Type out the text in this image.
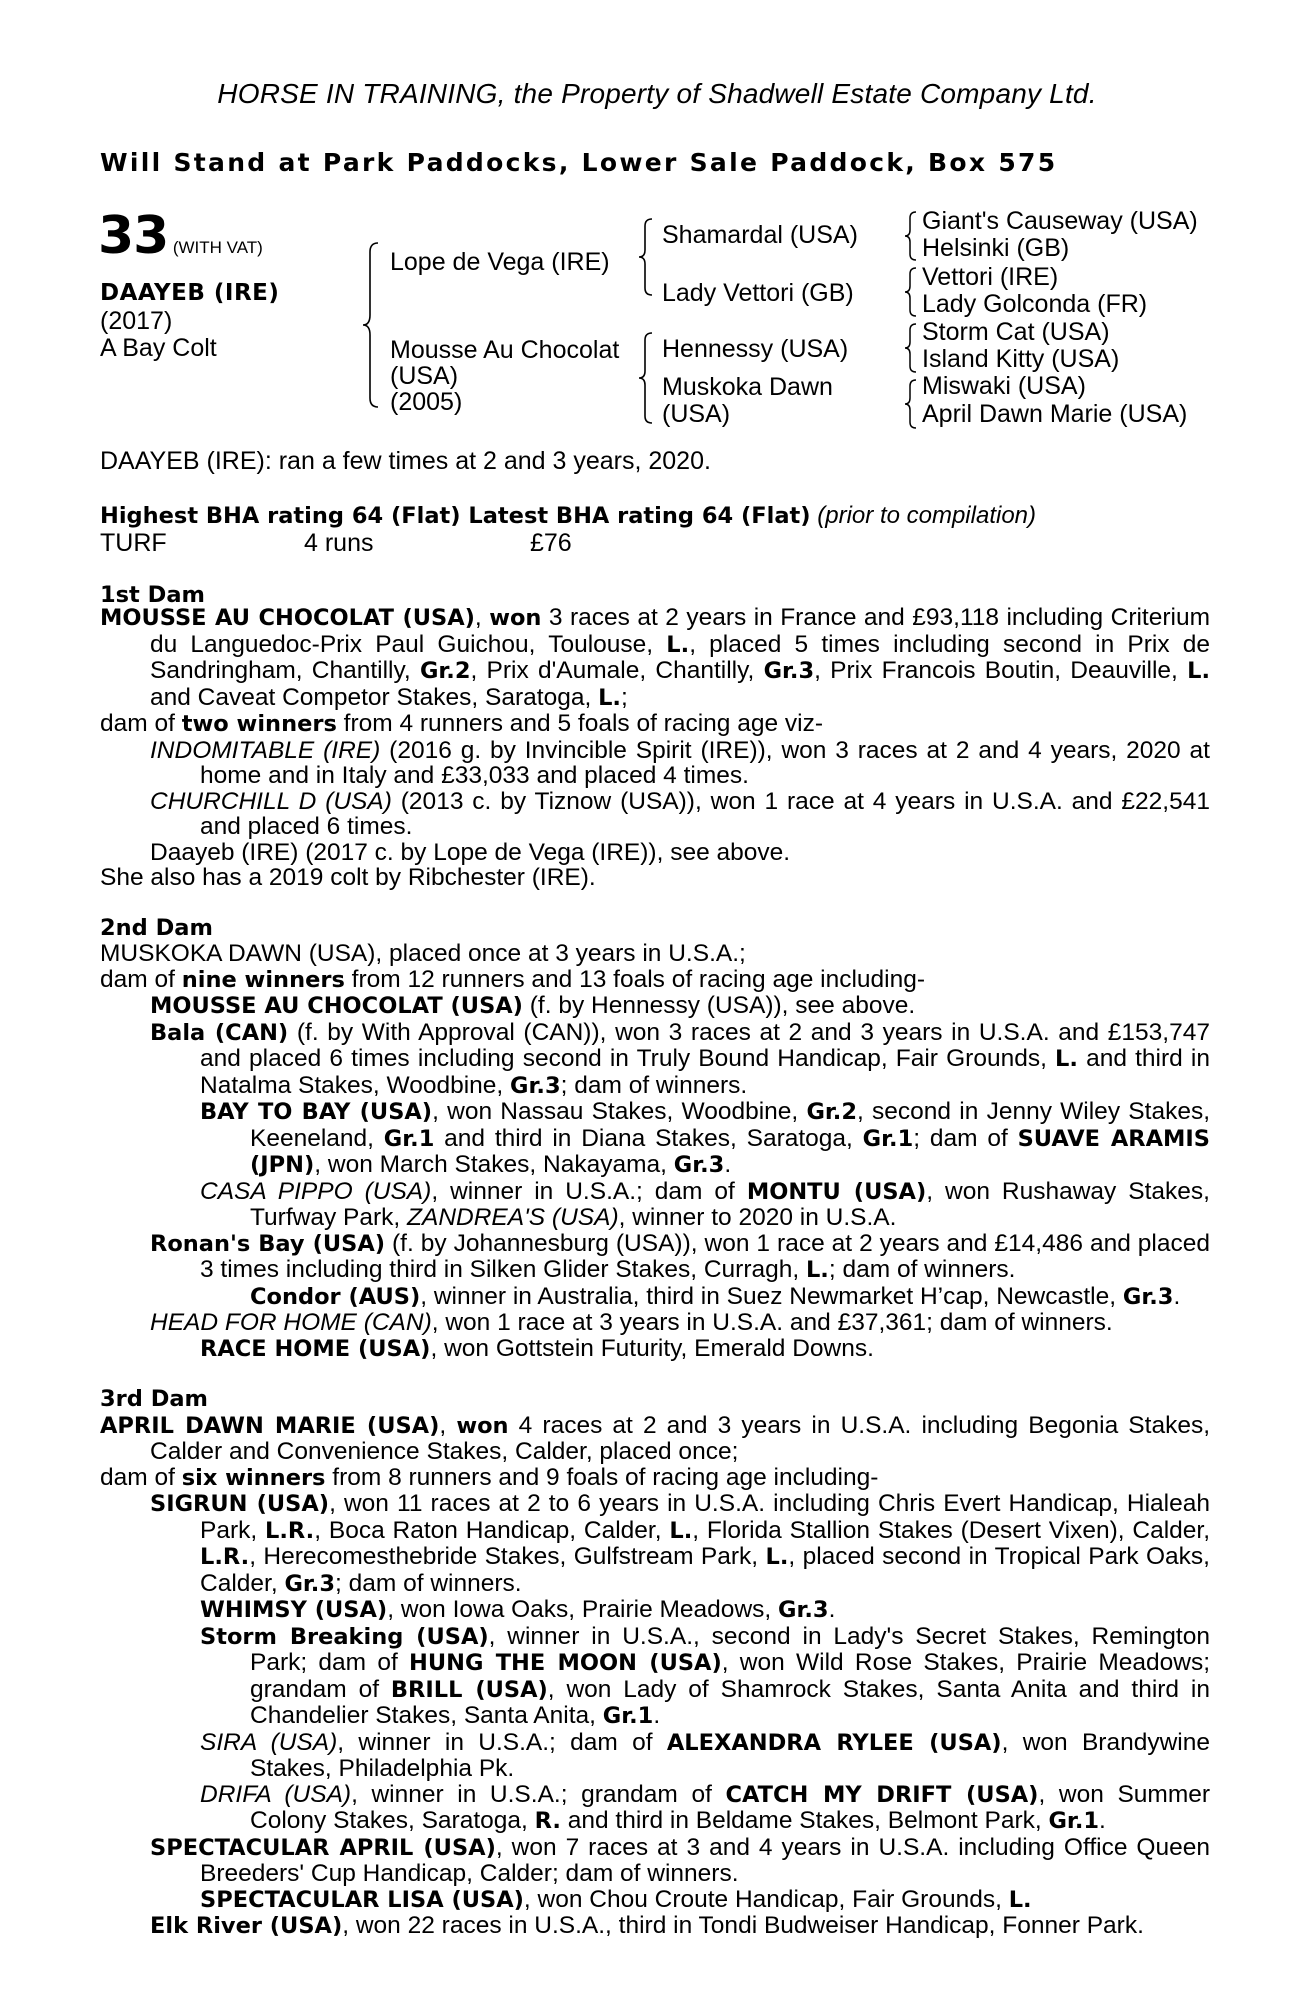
HORSE IN TRAINING, the Property of Shadwell Estate Company Ltd.
Will Stand at Park Paddocks, Lower Sale Paddock, Box 575
33 (WITH VAT)
DAAYEB (IRE)
(2017)
A Bay Colt
Lope de Vega (IRE)
Mousse Au Chocolat
(USA)
(2005)
Shamardal (USA)
Lady Vettori (GB)
Hennessy (USA)
Muskoka Dawn
(USA)
Giant's Causeway (USA)
Helsinki (GB)
Vettori (IRE)
Lady Golconda (FR)
Storm Cat (USA)
Island Kitty (USA)
Miswaki (USA)
April Dawn Marie (USA)
DAAYEB (IRE): ran a few times at 2 and 3 years, 2020.
Highest BHA rating 64 (Flat) Latest BHA rating 64 (Flat) (prior to compilation)
TURF	4 runs	£76
1st Dam

MOUSSE AU CHOCOLAT (USA), won 3 races at 2 years in France and £93,118 including Criterium du Languedoc-Prix Paul Guichou, Toulouse, L., placed 5 times including second in Prix de Sandringham, Chantilly, Gr.2, Prix d'Aumale, Chantilly, Gr.3, Prix Francois Boutin, Deauville, L. and Caveat Competor Stakes, Saratoga, L.;

dam of two winners from 4 runners and 5 foals of racing age viz-

INDOMITABLE (IRE) (2016 g. by Invincible Spirit (IRE)), won 3 races at 2 and 4 years, 2020 at home and in Italy and £33,033 and placed 4 times.

CHURCHILL D (USA) (2013 c. by Tiznow (USA)), won 1 race at 4 years in U.S.A. and £22,541 and placed 6 times.

Daayeb (IRE) (2017 c. by Lope de Vega (IRE)), see above.

She also has a 2019 colt by Ribchester (IRE).

2nd Dam

MUSKOKA DAWN (USA), placed once at 3 years in U.S.A.;

dam of nine winners from 12 runners and 13 foals of racing age including-

MOUSSE AU CHOCOLAT (USA) (f. by Hennessy (USA)), see above.

Bala (CAN) (f. by With Approval (CAN)), won 3 races at 2 and 3 years in U.S.A. and £153,747 and placed 6 times including second in Truly Bound Handicap, Fair Grounds, L. and third in Natalma Stakes, Woodbine, Gr.3; dam of winners.

BAY TO BAY (USA), won Nassau Stakes, Woodbine, Gr.2, second in Jenny Wiley Stakes, Keeneland, Gr.1 and third in Diana Stakes, Saratoga, Gr.1; dam of SUAVE ARAMIS (JPN), won March Stakes, Nakayama, Gr.3.

CASA PIPPO (USA), winner in U.S.A.; dam of MONTU (USA), won Rushaway Stakes, Turfway Park, ZANDREA'S (USA), winner to 2020 in U.S.A.

Ronan's Bay (USA) (f. by Johannesburg (USA)), won 1 race at 2 years and £14,486 and placed 3 times including third in Silken Glider Stakes, Curragh, L.; dam of winners.

Condor (AUS), winner in Australia, third in Suez Newmarket H’cap, Newcastle, Gr.3.

HEAD FOR HOME (CAN), won 1 race at 3 years in U.S.A. and £37,361; dam of winners.

RACE HOME (USA), won Gottstein Futurity, Emerald Downs.

3rd Dam

APRIL DAWN MARIE (USA), won 4 races at 2 and 3 years in U.S.A. including Begonia Stakes, Calder and Convenience Stakes, Calder, placed once;

dam of six winners from 8 runners and 9 foals of racing age including-

SIGRUN (USA), won 11 races at 2 to 6 years in U.S.A. including Chris Evert Handicap, Hialeah Park, L.R., Boca Raton Handicap, Calder, L., Florida Stallion Stakes (Desert Vixen), Calder, L.R., Herecomesthebride Stakes, Gulfstream Park, L., placed second in Tropical Park Oaks, Calder, Gr.3; dam of winners.

WHIMSY (USA), won Iowa Oaks, Prairie Meadows, Gr.3.

Storm Breaking (USA), winner in U.S.A., second in Lady's Secret Stakes, Remington Park; dam of HUNG THE MOON (USA), won Wild Rose Stakes, Prairie Meadows; grandam of BRILL (USA), won Lady of Shamrock Stakes, Santa Anita and third in Chandelier Stakes, Santa Anita, Gr.1.

SIRA (USA), winner in U.S.A.; dam of ALEXANDRA RYLEE (USA), won Brandywine Stakes, Philadelphia Pk.

DRIFA (USA), winner in U.S.A.; grandam of CATCH MY DRIFT (USA), won Summer Colony Stakes, Saratoga, R. and third in Beldame Stakes, Belmont Park, Gr.1.

SPECTACULAR APRIL (USA), won 7 races at 3 and 4 years in U.S.A. including Office Queen Breeders' Cup Handicap, Calder; dam of winners.

SPECTACULAR LISA (USA), won Chou Croute Handicap, Fair Grounds, L.

Elk River (USA), won 22 races in U.S.A., third in Tondi Budweiser Handicap, Fonner Park.
